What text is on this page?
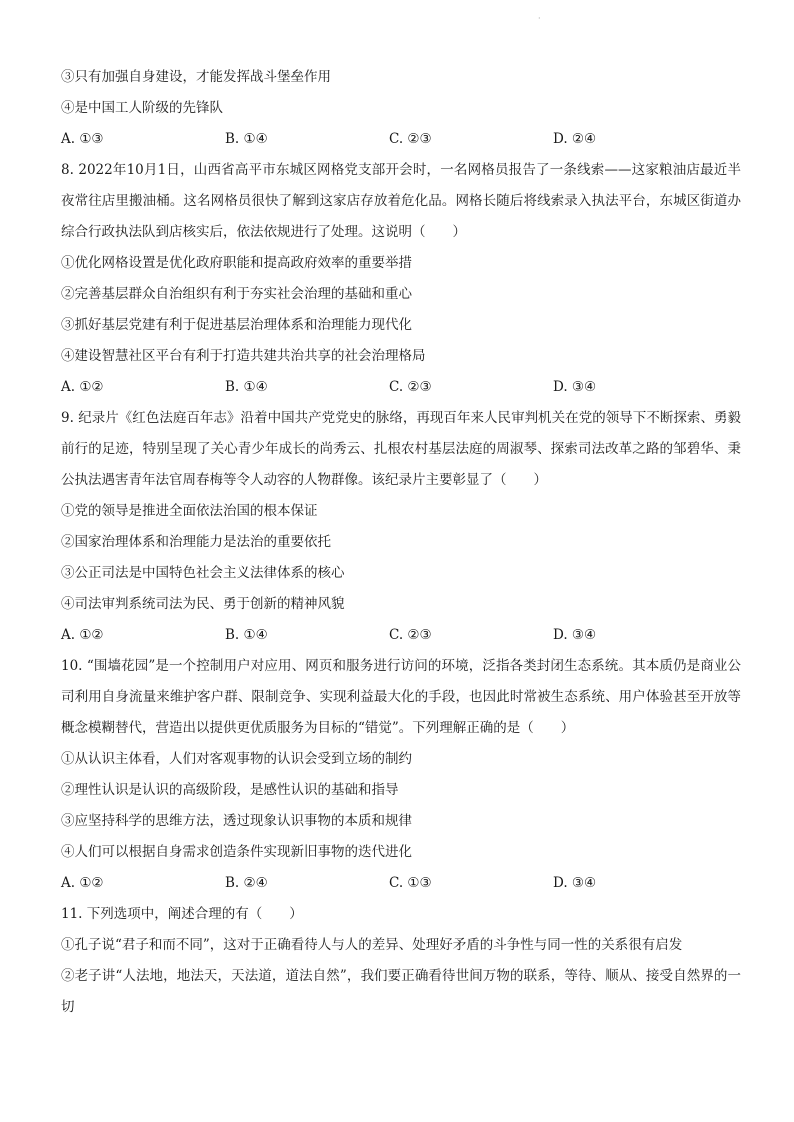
·
③只有加强自身建设，才能发挥战斗堡垒作用
④是中国工人阶级的先锋队
A. ①③	B. ①④	C. ②③	D. ②④
8. 2022年10月1日，山西省高平市东城区网格党支部开会时，一名网格员报告了一条线索——这家粮油店最近半夜常往店里搬油桶。这名网格员很快了解到这家店存放着危化品。网格长随后将线索录入执法平台，东城区街道办综合行政执法队到店核实后，依法依规进行了处理。这说明（　　）
①优化网格设置是优化政府职能和提高政府效率的重要举措
②完善基层群众自治组织有利于夯实社会治理的基础和重心
③抓好基层党建有利于促进基层治理体系和治理能力现代化
④建设智慧社区平台有利于打造共建共治共享的社会治理格局
A. ①②	B. ①④	C. ②③	D. ③④
9. 纪录片《红色法庭百年志》沿着中国共产党党史的脉络，再现百年来人民审判机关在党的领导下不断探索、勇毅前行的足迹，特别呈现了关心青少年成长的尚秀云、扎根农村基层法庭的周淑琴、探索司法改革之路的邹碧华、秉公执法遇害青年法官周春梅等令人动容的人物群像。该纪录片主要彰显了（　　）
①党的领导是推进全面依法治国的根本保证
②国家治理体系和治理能力是法治的重要依托
③公正司法是中国特色社会主义法律体系的核心
④司法审判系统司法为民、勇于创新的精神风貌
A. ①②	B. ①④	C. ②③	D. ③④
10. “围墙花园”是一个控制用户对应用、网页和服务进行访问的环境，泛指各类封闭生态系统。其本质仍是商业公司利用自身流量来维护客户群、限制竞争、实现利益最大化的手段，也因此时常被生态系统、用户体验甚至开放等概念模糊替代，营造出以提供更优质服务为目标的“错觉”。下列理解正确的是（　　）
①从认识主体看，人们对客观事物的认识会受到立场的制约
②理性认识是认识的高级阶段，是感性认识的基础和指导
③应坚持科学的思维方法，透过现象认识事物的本质和规律
④人们可以根据自身需求创造条件实现新旧事物的迭代进化
A. ①②	B. ②④	C. ①③	D. ③④
11. 下列选项中，阐述合理的有（　　）
①孔子说“君子和而不同”，这对于正确看待人与人的差异、处理好矛盾的斗争性与同一性的关系很有启发
②老子讲“人法地，地法天，天法道，道法自然”，我们要正确看待世间万物的联系，等待、顺从、接受自然界的一切
